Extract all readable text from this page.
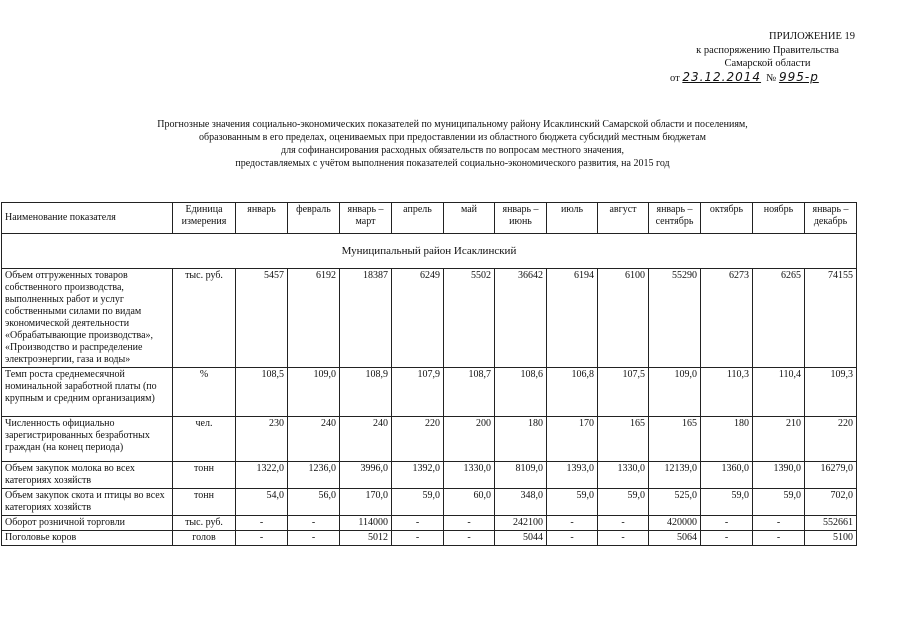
ПРИЛОЖЕНИЕ 19
к распоряжению Правительства
Самарской области
от 23.12.2014 № 995-р
Прогнозные значения социально-экономических показателей по муниципальному району Исаклинский Самарской области и поселениям,
образованным в его пределах, оцениваемых при предоставлении из областного бюджета субсидий местным бюджетам
для софинансирования расходных обязательств по вопросам местного значения,
предоставляемых с учётом выполнения показателей социально-экономического развития, на 2015 год
Наименование показателя	Единица измерения	январь	февраль	январь – март	апрель	май	январь – июнь	июль	август	январь – сентябрь	октябрь	ноябрь	январь – декабрь
Муниципальный район Исаклинский													
Объем отгруженных товаров собственного производства, выполненных работ и услуг собственными силами по видам экономической деятельности «Обрабатывающие производства», «Производство и распределение электроэнергии, газа и воды»	тыс. руб.	5457	6192	18387	6249	5502	36642	6194	6100	55290	6273	6265	74155
Темп роста среднемесячной номинальной заработной платы (по крупным и средним организациям)	%	108,5	109,0	108,9	107,9	108,7	108,6	106,8	107,5	109,0	110,3	110,4	109,3
Численность официально зарегистрированных безработных граждан (на конец периода)	чел.	230	240	240	220	200	180	170	165	165	180	210	220
Объем закупок молока во всех категориях хозяйств	тонн	1322,0	1236,0	3996,0	1392,0	1330,0	8109,0	1393,0	1330,0	12139,0	1360,0	1390,0	16279,0
Объем закупок скота и птицы во всех категориях хозяйств	тонн	54,0	56,0	170,0	59,0	60,0	348,0	59,0	59,0	525,0	59,0	59,0	702,0
Оборот розничной торговли	тыс. руб.	-	-	114000	-	-	242100	-	-	420000	-	-	552661
Поголовье коров	голов	-	-	5012	-	-	5044	-	-	5064	-	-	5100
